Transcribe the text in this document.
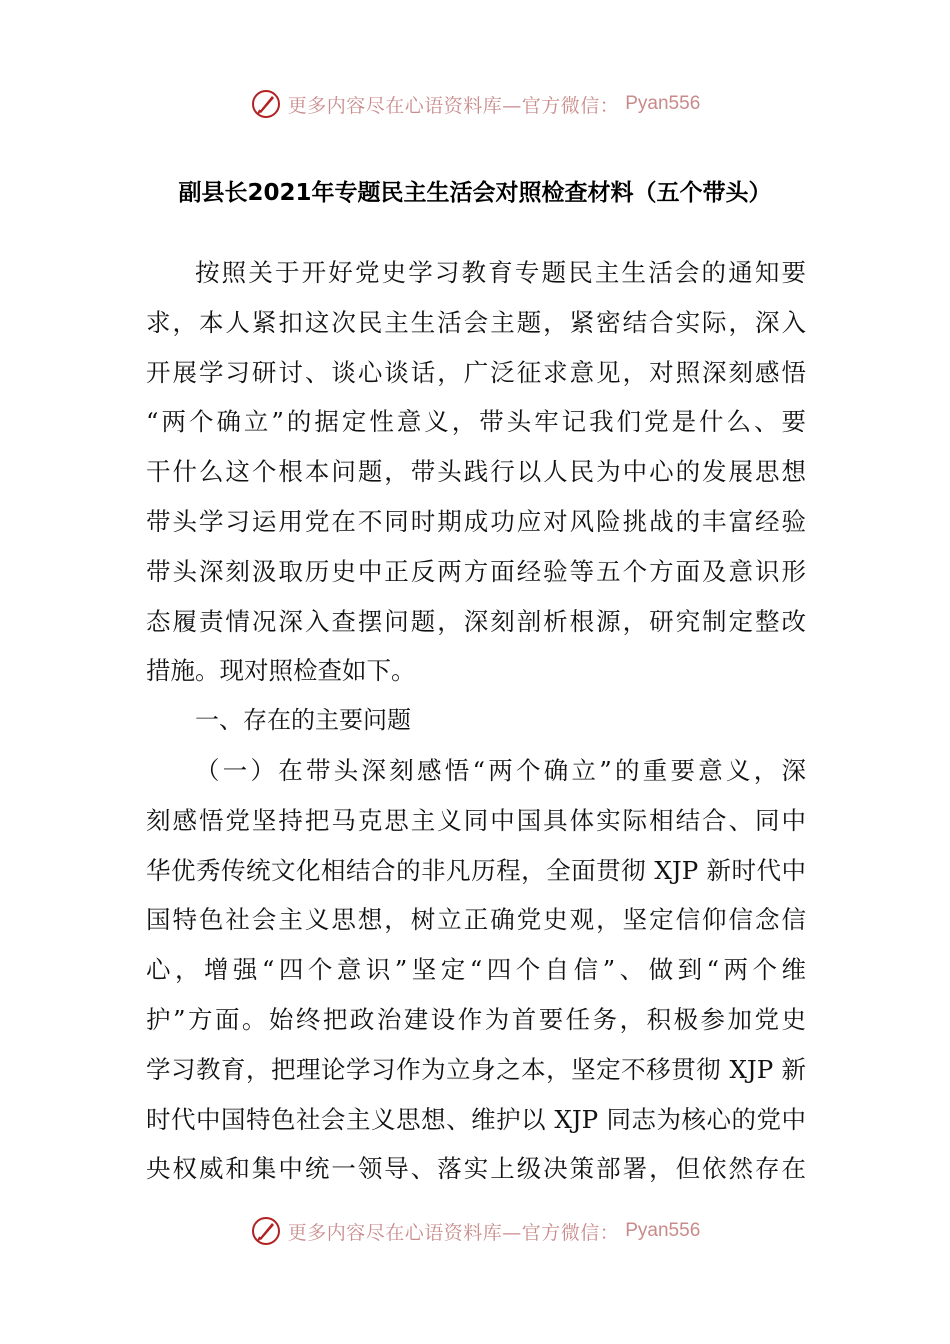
更多内容尽在心语资料库—官方微信： Pyan556
副县长2021年专题民主生活会对照检查材料（五个带头）
按照关于开好党史学习教育专题民主生活会的通知要
求，本人紧扣这次民主生活会主题，紧密结合实际，深入
开展学习研讨、谈心谈话，广泛征求意见，对照深刻感悟
“两个确立”的据定性意义，带头牢记我们党是什么、要
干什么这个根本问题，带头践行以人民为中心的发展思想
带头学习运用党在不同时期成功应对风险挑战的丰富经验
带头深刻汲取历史中正反两方面经验等五个方面及意识形
态履责情况深入查摆问题，深刻剖析根源，研究制定整改
措施。现对照检查如下。
一、存在的主要问题
（一）在带头深刻感悟“两个确立”的重要意义，深
刻感悟党坚持把马克思主义同中国具体实际相结合、同中
华优秀传统文化相结合的非凡历程，全面贯彻 XJP 新时代中
国特色社会主义思想，树立正确党史观，坚定信仰信念信
心，增强“四个意识”坚定“四个自信”、做到“两个维
护”方面。始终把政治建设作为首要任务，积极参加党史
学习教育，把理论学习作为立身之本，坚定不移贯彻 XJP 新
时代中国特色社会主义思想、维护以 XJP 同志为核心的党中
央权威和集中统一领导、落实上级决策部署，但依然存在
更多内容尽在心语资料库—官方微信： Pyan556
